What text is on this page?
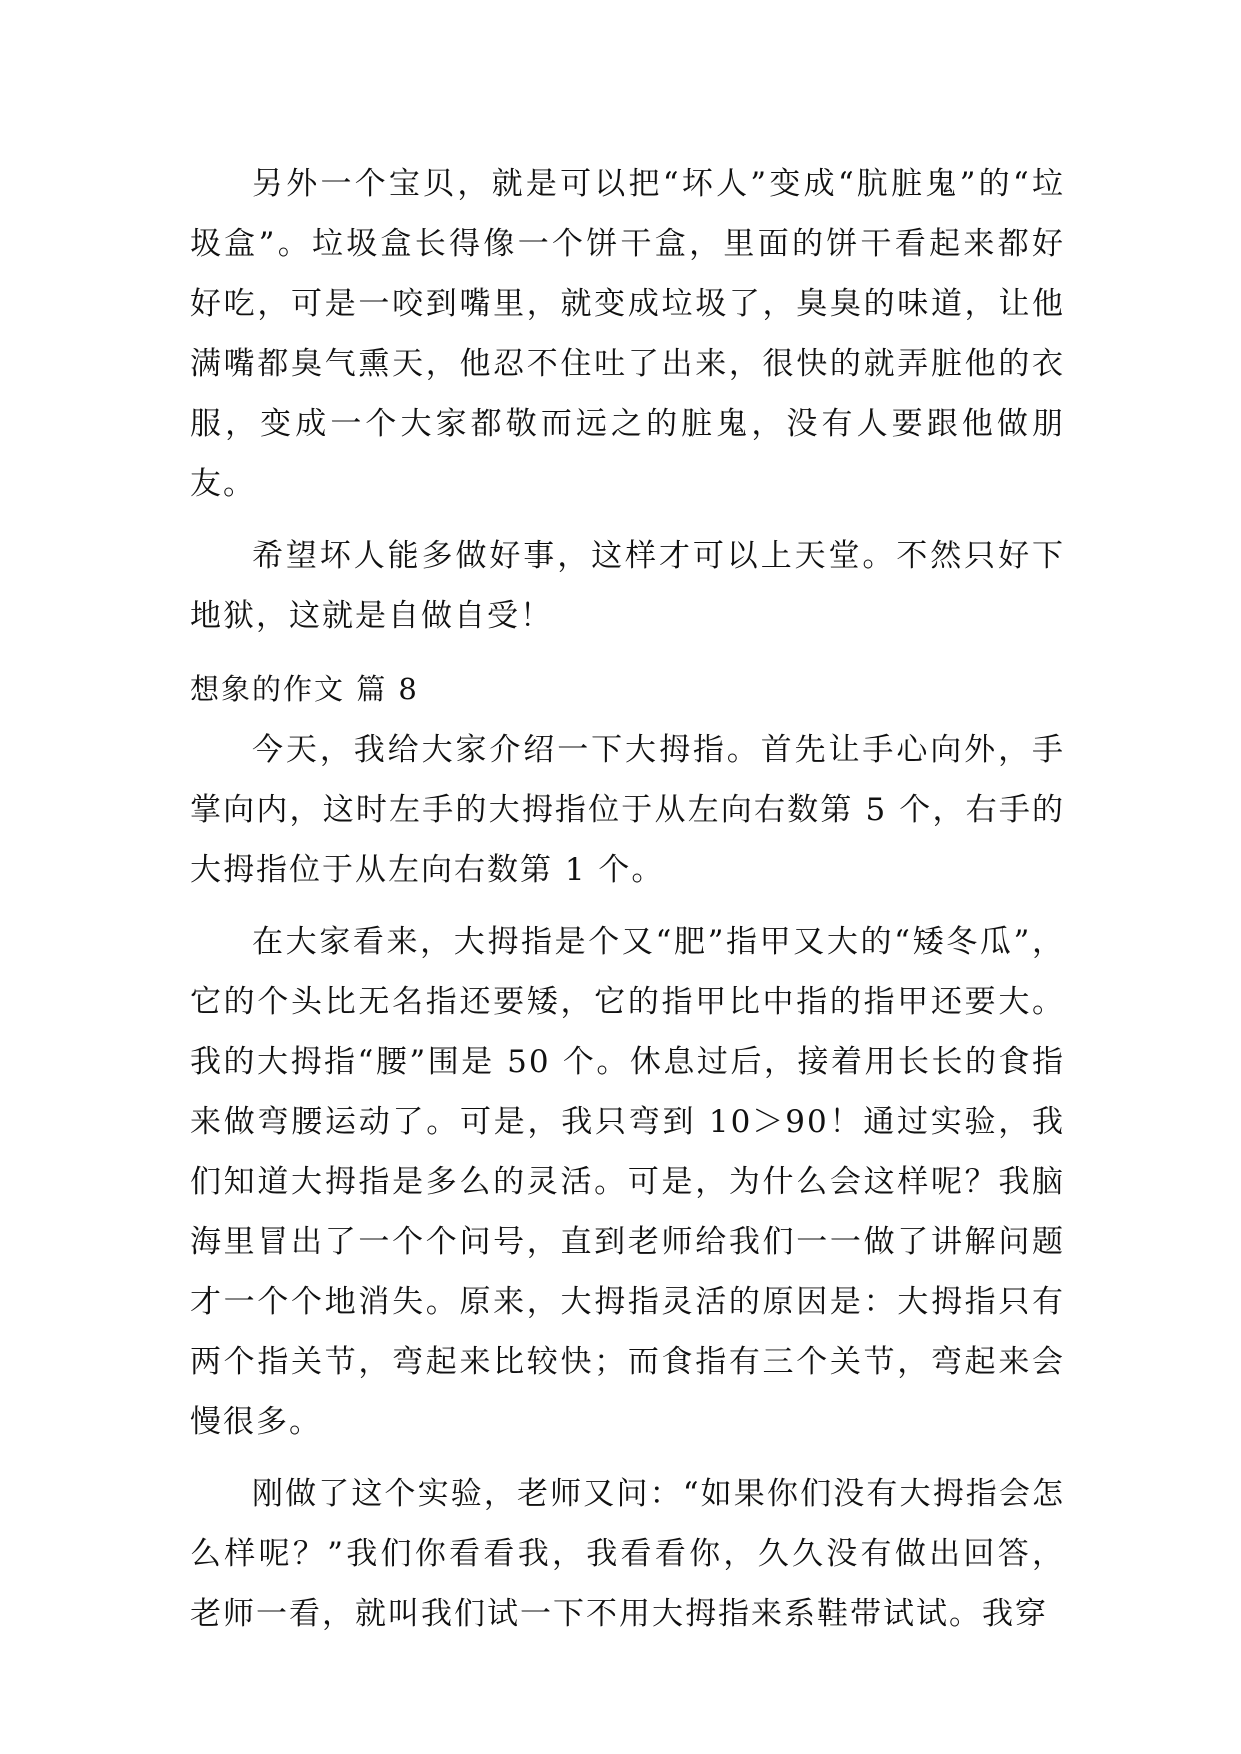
另外一个宝贝，就是可以把“坏人”变成“肮脏鬼”的“垃圾盒”。垃圾盒长得像一个饼干盒，里面的饼干看起来都好好吃，可是一咬到嘴里，就变成垃圾了，臭臭的味道，让他满嘴都臭气熏天，他忍不住吐了出来，很快的就弄脏他的衣服，变成一个大家都敬而远之的脏鬼，没有人要跟他做朋友。

希望坏人能多做好事，这样才可以上天堂。不然只好下地狱，这就是自做自受！

想象的作文 篇 8

今天，我给大家介绍一下大拇指。首先让手心向外，手掌向内，这时左手的大拇指位于从左向右数第 5 个，右手的大拇指位于从左向右数第 1 个。

在大家看来，大拇指是个又“肥”指甲又大的“矮冬瓜”，它的个头比无名指还要矮，它的指甲比中指的指甲还要大。我的大拇指“腰”围是 50 个。休息过后，接着用长长的食指来做弯腰运动了。可是，我只弯到 10＞90！通过实验，我们知道大拇指是多么的灵活。可是，为什么会这样呢？我脑海里冒出了一个个问号，直到老师给我们一一做了讲解问题才一个个地消失。原来，大拇指灵活的原因是：大拇指只有两个指关节，弯起来比较快；而食指有三个关节，弯起来会慢很多。

刚做了这个实验，老师又问：“如果你们没有大拇指会怎么样呢？”我们你看看我，我看看你，久久没有做出回答，老师一看，就叫我们试一下不用大拇指来系鞋带试试。我穿
